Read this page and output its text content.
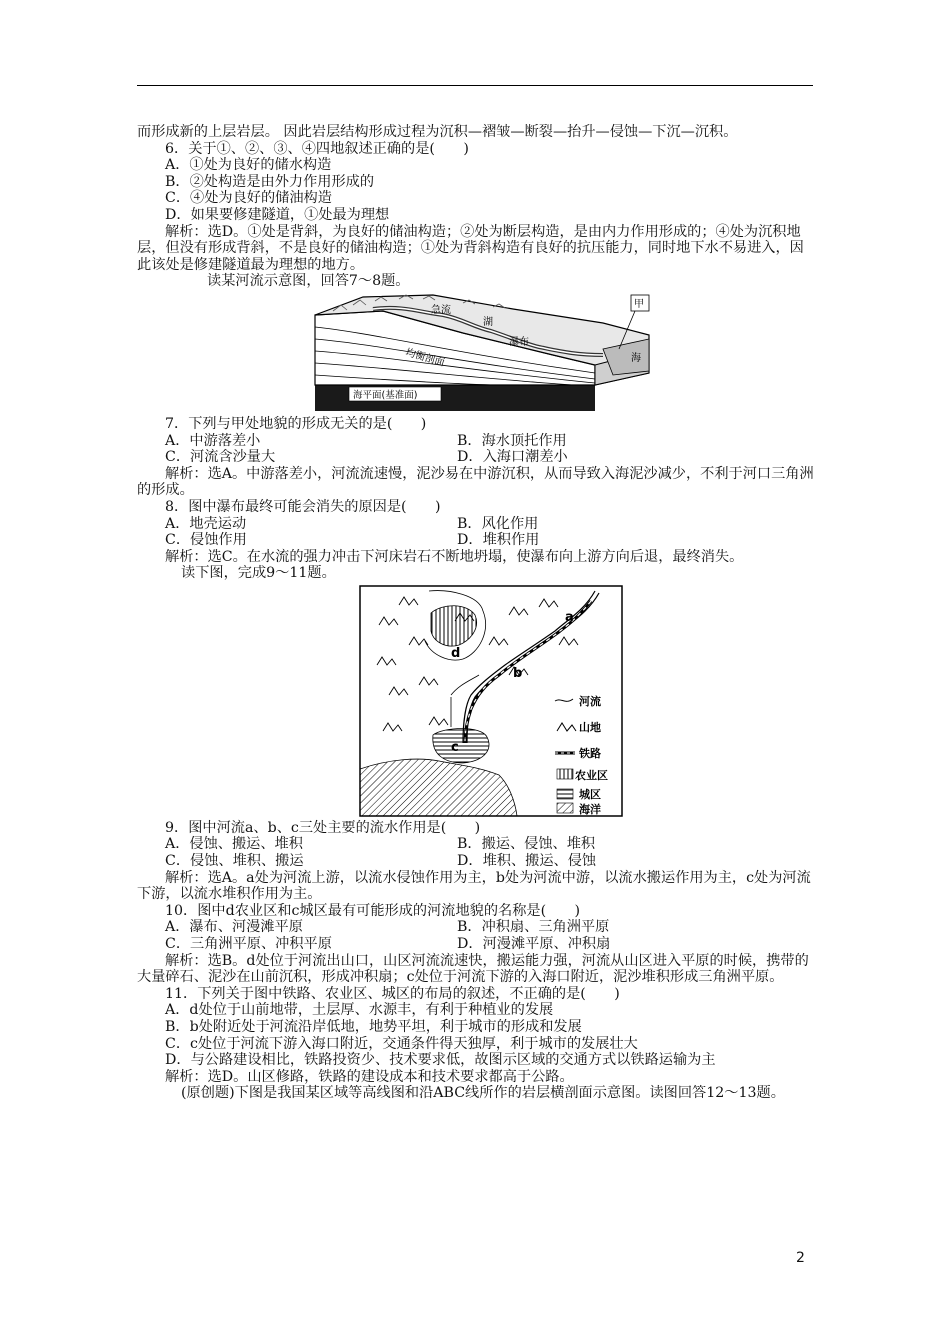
而形成新的上层岩层。 因此岩层结构形成过程为沉积—褶皱—断裂—抬升—侵蚀—下沉—沉积。

6．关于①、②、③、④四地叙述正确的是(　　)

A．①处为良好的储水构造

B．②处构造是由外力作用形成的

C．④处为良好的储油构造

D．如果要修建隧道，①处最为理想

解析：选D。①处是背斜，为良好的储油构造；②处为断层构造，是由内力作用形成的；④处为沉积地层，但没有形成背斜，不是良好的储油构造；①处为背斜构造有良好的抗压能力，同时地下水不易进入，因此该处是修建隧道最为理想的地方。

读某河流示意图，回答7～8题。

急流
湖
瀑布
甲
海
均衡剖面
海平面(基准面)

7．下列与甲处地貌的形成无关的是(　　)

A．中游落差小	B．海水顶托作用
C．河流含沙量大	D．入海口潮差小

解析：选A。中游落差小，河流流速慢，泥沙易在中游沉积，从而导致入海泥沙减少，不利于河口三角洲的形成。

8．图中瀑布最终可能会消失的原因是(　　)

A．地壳运动	B．风化作用
C．侵蚀作用	D．堆积作用

解析：选C。在水流的强力冲击下河床岩石不断地坍塌，使瀑布向上游方向后退，最终消失。

读下图，完成9～11题。

a
b
c
d
河流
山地
铁路
农业区
城区
海洋

9．图中河流a、b、c三处主要的流水作用是(　　)

A．侵蚀、搬运、堆积	B．搬运、侵蚀、堆积
C．侵蚀、堆积、搬运	D．堆积、搬运、侵蚀

解析：选A。a处为河流上游，以流水侵蚀作用为主，b处为河流中游，以流水搬运作用为主，c处为河流下游，以流水堆积作用为主。

10．图中d农业区和c城区最有可能形成的河流地貌的名称是(　　)

A．瀑布、河漫滩平原	B．冲积扇、三角洲平原
C．三角洲平原、冲积平原	D．河漫滩平原、冲积扇

解析：选B。d处位于河流出山口，山区河流流速快，搬运能力强，河流从山区进入平原的时候，携带的大量碎石、泥沙在山前沉积，形成冲积扇；c处位于河流下游的入海口附近，泥沙堆积形成三角洲平原。

11．下列关于图中铁路、农业区、城区的布局的叙述，不正确的是(　　)

A．d处位于山前地带，土层厚、水源丰，有利于种植业的发展

B．b处附近处于河流沿岸低地，地势平坦，利于城市的形成和发展

C．c处位于河流下游入海口附近，交通条件得天独厚，利于城市的发展壮大

D．与公路建设相比，铁路投资少、技术要求低，故图示区域的交通方式以铁路运输为主

解析：选D。山区修路，铁路的建设成本和技术要求都高于公路。

(原创题)下图是我国某区域等高线图和沿ABC线所作的岩层横剖面示意图。读图回答12～13题。

2
